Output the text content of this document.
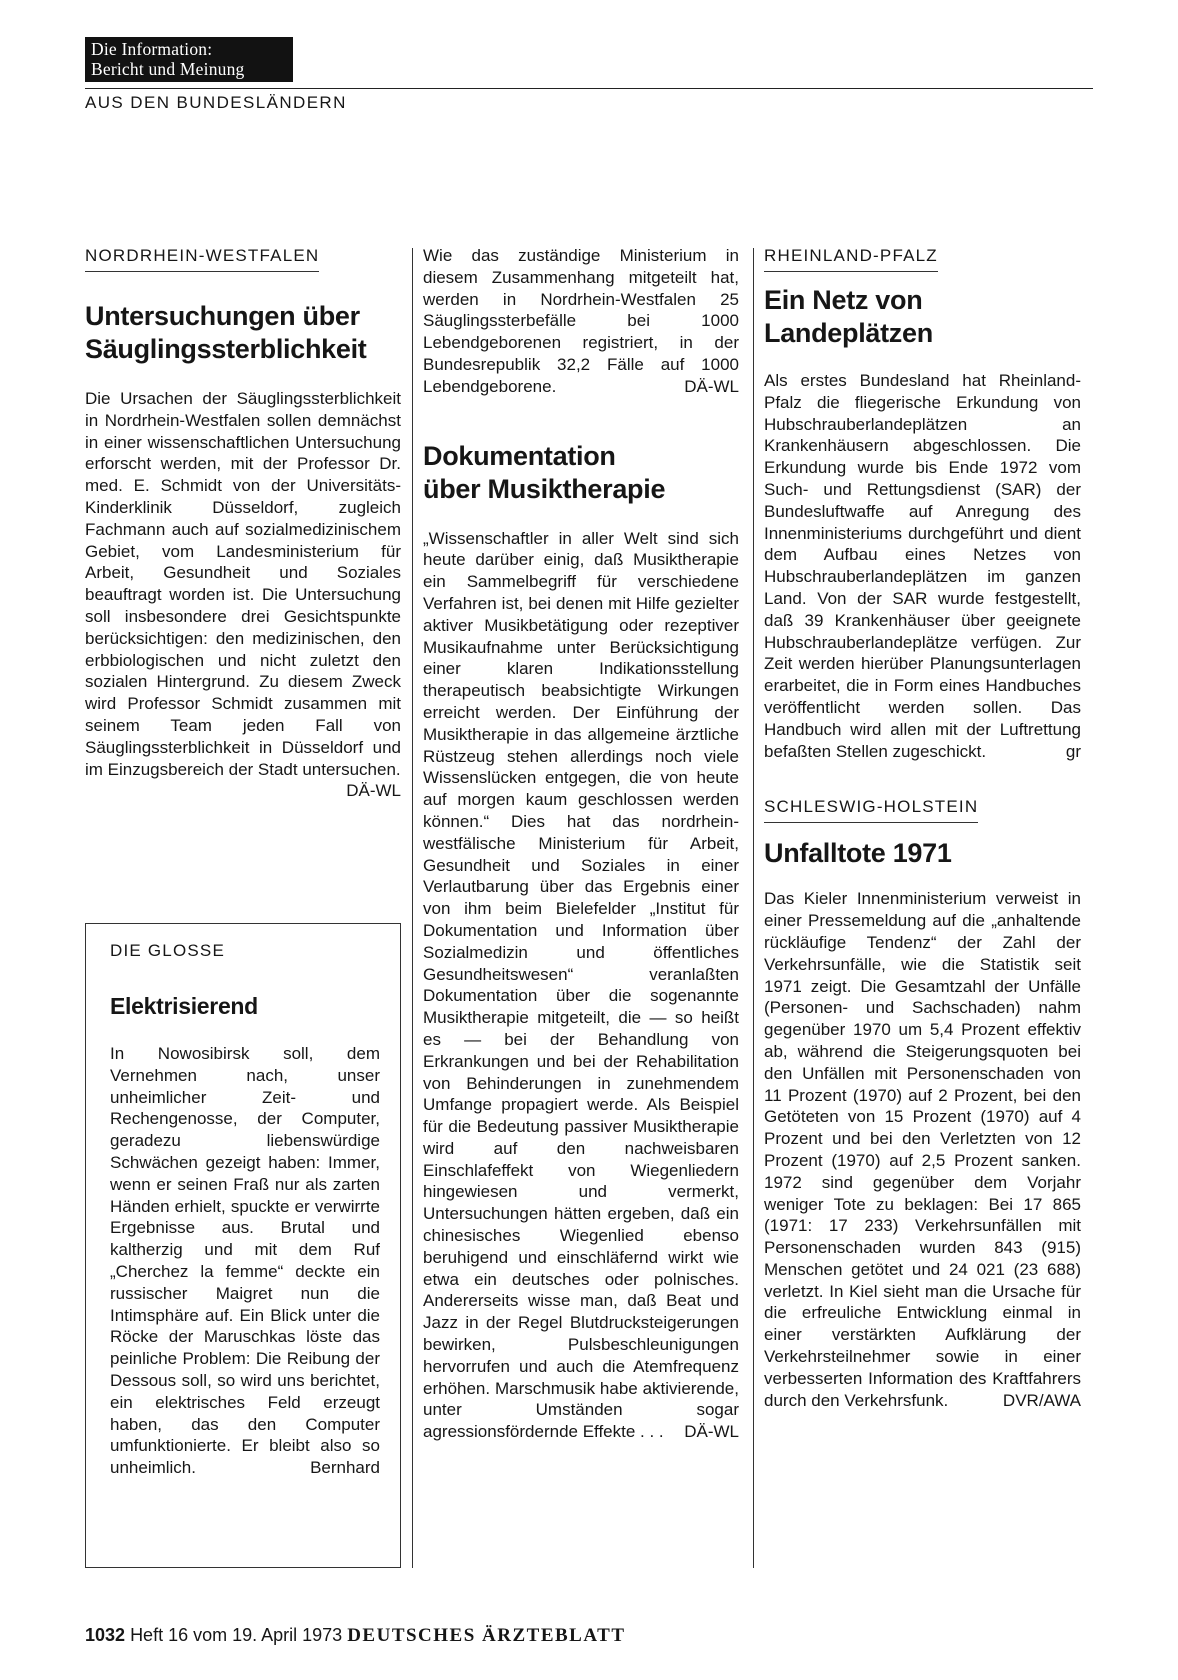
Die Information:
Bericht und Meinung
AUS DEN BUNDESLÄNDERN
NORDRHEIN-WESTFALEN
Untersuchungen über
Säuglingssterblichkeit

Die Ursachen der Säuglingssterblichkeit in Nordrhein-Westfalen sollen demnächst in einer wissenschaftlichen Untersuchung erforscht werden, mit der Professor Dr. med. E. Schmidt von der Universitäts-Kinderklinik Düsseldorf, zugleich Fachmann auch auf sozialmedizinischem Gebiet, vom Landesministerium für Arbeit, Gesundheit und Soziales beauftragt worden ist. Die Untersuchung soll insbesondere drei Gesichtspunkte berücksichtigen: den medizinischen, den erbbiologischen und nicht zuletzt den sozialen Hintergrund. Zu diesem Zweck wird Professor Schmidt zusammen mit seinem Team jeden Fall von Säuglingssterblichkeit in Düsseldorf und im Einzugsbereich der Stadt untersuchen.
DÄ-WL

DIE GLOSSE
Elektrisierend

In Nowosibirsk soll, dem Vernehmen nach, unser unheimlicher Zeit- und Rechengenosse, der Computer, geradezu liebenswürdige Schwächen gezeigt haben: Immer, wenn er seinen Fraß nur als zarten Händen erhielt, spuckte er verwirrte Ergebnisse aus. Brutal und kaltherzig und mit dem Ruf „Cherchez la femme“ deckte ein russischer Maigret nun die Intimsphäre auf. Ein Blick unter die Röcke der Maruschkas löste das peinliche Problem: Die Reibung der Dessous soll, so wird uns berichtet, ein elektrisches Feld erzeugt haben, das den Computer umfunktionierte. Er bleibt also so unheimlich.	Bernhard

Wie das zuständige Ministerium in diesem Zusammenhang mitgeteilt hat, werden in Nordrhein-Westfalen 25 Säuglingssterbefälle bei 1000 Lebendgeborenen registriert, in der Bundesrepublik 32,2 Fälle auf 1000 Lebendgeborene.	DÄ-WL

Dokumentation
über Musiktherapie

„Wissenschaftler in aller Welt sind sich heute darüber einig, daß Musiktherapie ein Sammelbegriff für verschiedene Verfahren ist, bei denen mit Hilfe gezielter aktiver Musikbetätigung oder rezeptiver Musikaufnahme unter Berücksichtigung einer klaren Indikationsstellung therapeutisch beabsichtigte Wirkungen erreicht werden. Der Einführung der Musiktherapie in das allgemeine ärztliche Rüstzeug stehen allerdings noch viele Wissenslücken entgegen, die von heute auf morgen kaum geschlossen werden können.“ Dies hat das nordrhein-westfälische Ministerium für Arbeit, Gesundheit und Soziales in einer Verlautbarung über das Ergebnis einer von ihm beim Bielefelder „Institut für Dokumentation und Information über Sozialmedizin und öffentliches Gesundheitswesen“ veranlaßten Dokumentation über die sogenannte Musiktherapie mitgeteilt, die — so heißt es — bei der Behandlung von Erkrankungen und bei der Rehabilitation von Behinderungen in zunehmendem Umfange propagiert werde. Als Beispiel für die Bedeutung passiver Musiktherapie wird auf den nachweisbaren Einschlafeffekt von Wiegenliedern hingewiesen und vermerkt, Untersuchungen hätten ergeben, daß ein chinesisches Wiegenlied ebenso beruhigend und einschläfernd wirkt wie etwa ein deutsches oder polnisches. Andererseits wisse man, daß Beat und Jazz in der Regel Blutdrucksteigerungen bewirken, Pulsbeschleunigungen hervorrufen und auch die Atemfrequenz erhöhen. Marschmusik habe aktivierende, unter Umständen sogar agressionsfördernde Effekte . . . DÄ-WL

RHEINLAND-PFALZ
Ein Netz von
Landeplätzen

Als erstes Bundesland hat Rheinland-Pfalz die fliegerische Erkundung von Hubschrauberlandeplätzen an Krankenhäusern abgeschlossen. Die Erkundung wurde bis Ende 1972 vom Such- und Rettungsdienst (SAR) der Bundesluftwaffe auf Anregung des Innenministeriums durchgeführt und dient dem Aufbau eines Netzes von Hubschrauberlandeplätzen im ganzen Land. Von der SAR wurde festgestellt, daß 39 Krankenhäuser über geeignete Hubschrauberlandeplätze verfügen. Zur Zeit werden hierüber Planungsunterlagen erarbeitet, die in Form eines Handbuches veröffentlicht werden sollen. Das Handbuch wird allen mit der Luftrettung befaßten Stellen zugeschickt.	gr

SCHLESWIG-HOLSTEIN
Unfalltote 1971

Das Kieler Innenministerium verweist in einer Pressemeldung auf die „anhaltende rückläufige Tendenz“ der Zahl der Verkehrsunfälle, wie die Statistik seit 1971 zeigt. Die Gesamtzahl der Unfälle (Personen- und Sachschaden) nahm gegenüber 1970 um 5,4 Prozent effektiv ab, während die Steigerungsquoten bei den Unfällen mit Personenschaden von 11 Prozent (1970) auf 2 Prozent, bei den Getöteten von 15 Prozent (1970) auf 4 Prozent und bei den Verletzten von 12 Prozent (1970) auf 2,5 Prozent sanken. 1972 sind gegenüber dem Vorjahr weniger Tote zu beklagen: Bei 17 865 (1971: 17 233) Verkehrsunfällen mit Personenschaden wurden 843 (915) Menschen getötet und 24 021 (23 688) verletzt. In Kiel sieht man die Ursache für die erfreuliche Entwicklung einmal in einer verstärkten Aufklärung der Verkehrsteilnehmer sowie in einer verbesserten Information des Kraftfahrers durch den Verkehrsfunk.	DVR/AWA

1032 Heft 16 vom 19. April 1973 DEUTSCHES ÄRZTEBLATT
